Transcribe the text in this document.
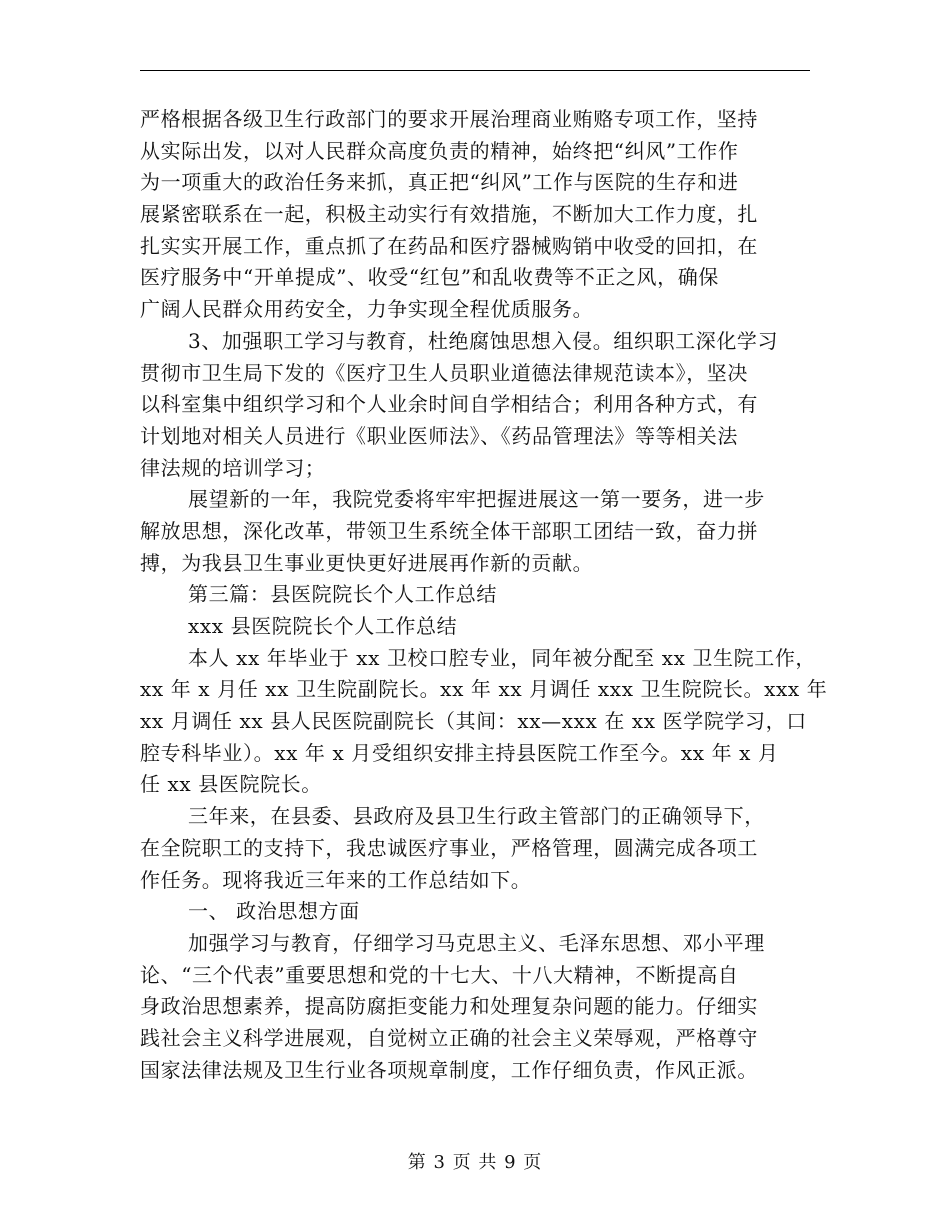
严格根据各级卫生行政部门的要求开展治理商业贿赂专项工作，坚持
从实际出发，以对人民群众高度负责的精神，始终把“纠风”工作作
为一项重大的政治任务来抓，真正把“纠风”工作与医院的生存和进
展紧密联系在一起，积极主动实行有效措施，不断加大工作力度，扎
扎实实开展工作，重点抓了在药品和医疗器械购销中收受的回扣，在
医疗服务中“开单提成”、收受“红包”和乱收费等不正之风，确保
广阔人民群众用药安全，力争实现全程优质服务。
3、加强职工学习与教育，杜绝腐蚀思想入侵。组织职工深化学习
贯彻市卫生局下发的《医疗卫生人员职业道德法律规范读本》，坚决
以科室集中组织学习和个人业余时间自学相结合；利用各种方式，有
计划地对相关人员进行《职业医师法》、《药品管理法》等等相关法
律法规的培训学习；
展望新的一年，我院党委将牢牢把握进展这一第一要务，进一步
解放思想，深化改革，带领卫生系统全体干部职工团结一致，奋力拼
搏，为我县卫生事业更快更好进展再作新的贡献。
第三篇：县医院院长个人工作总结
xxx 县医院院长个人工作总结
本人 xx 年毕业于 xx 卫校口腔专业，同年被分配至 xx 卫生院工作，
xx 年 x 月任 xx 卫生院副院长。xx 年 xx 月调任 xxx 卫生院院长。xxx 年
xx 月调任 xx 县人民医院副院长（其间：xx—xxx 在 xx 医学院学习，口
腔专科毕业）。xx 年 x 月受组织安排主持县医院工作至今。xx 年 x 月
任 xx 县医院院长。
三年来，在县委、县政府及县卫生行政主管部门的正确领导下，
在全院职工的支持下，我忠诚医疗事业，严格管理，圆满完成各项工
作任务。现将我近三年来的工作总结如下。
一、 政治思想方面
加强学习与教育，仔细学习马克思主义、毛泽东思想、邓小平理
论、“三个代表”重要思想和党的十七大、十八大精神，不断提高自
身政治思想素养，提高防腐拒变能力和处理复杂问题的能力。仔细实
践社会主义科学进展观，自觉树立正确的社会主义荣辱观，严格尊守
国家法律法规及卫生行业各项规章制度，工作仔细负责，作风正派。
第 3 页 共 9 页
